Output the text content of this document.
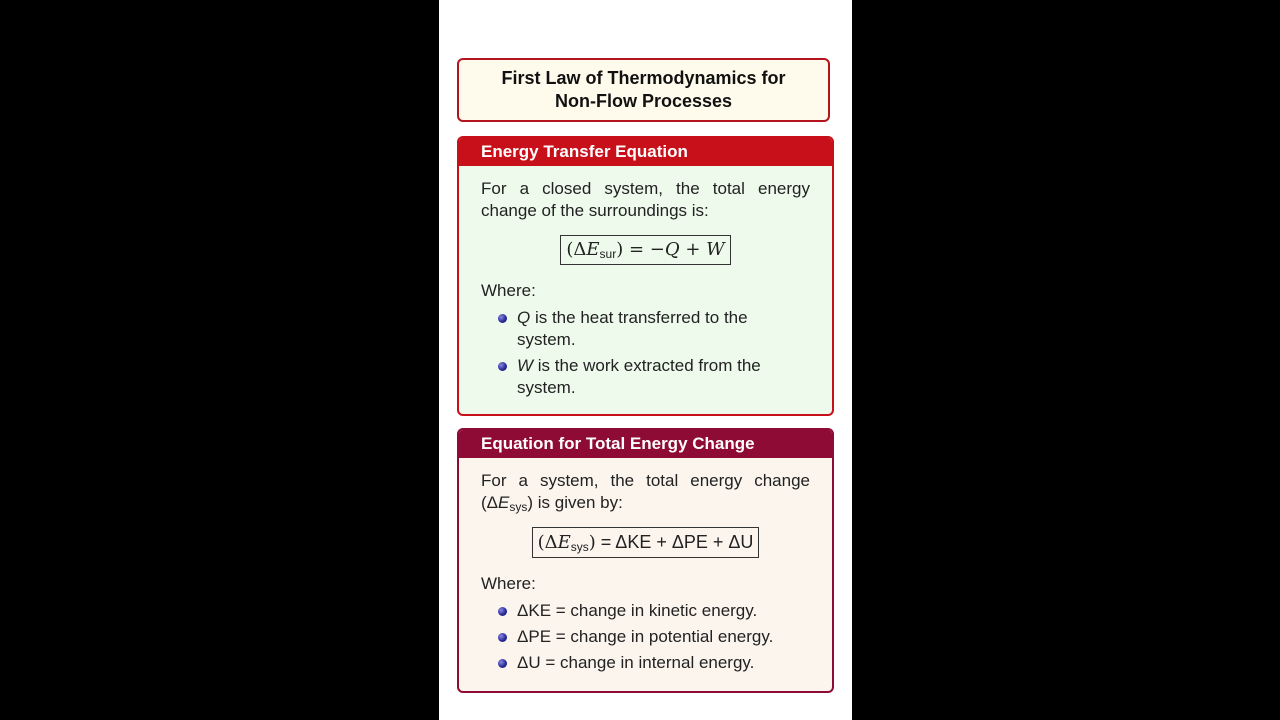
First Law of Thermodynamics for
Non-Flow Processes
Energy Transfer Equation
For a closed system, the total energy change of the surroundings is:
$(\Delta E_{sur}) = -Q + W$
Where:
Q is the heat transferred to the system.
W is the work extracted from the system.
Equation for Total Energy Change
For a system, the total energy change $(\Delta E_{sys})$ is given by:
$(\Delta E_{sys}) = \Delta KE + \Delta PE + \Delta U$
Where:
ΔKE = change in kinetic energy.
ΔPE = change in potential energy.
ΔU = change in internal energy.
